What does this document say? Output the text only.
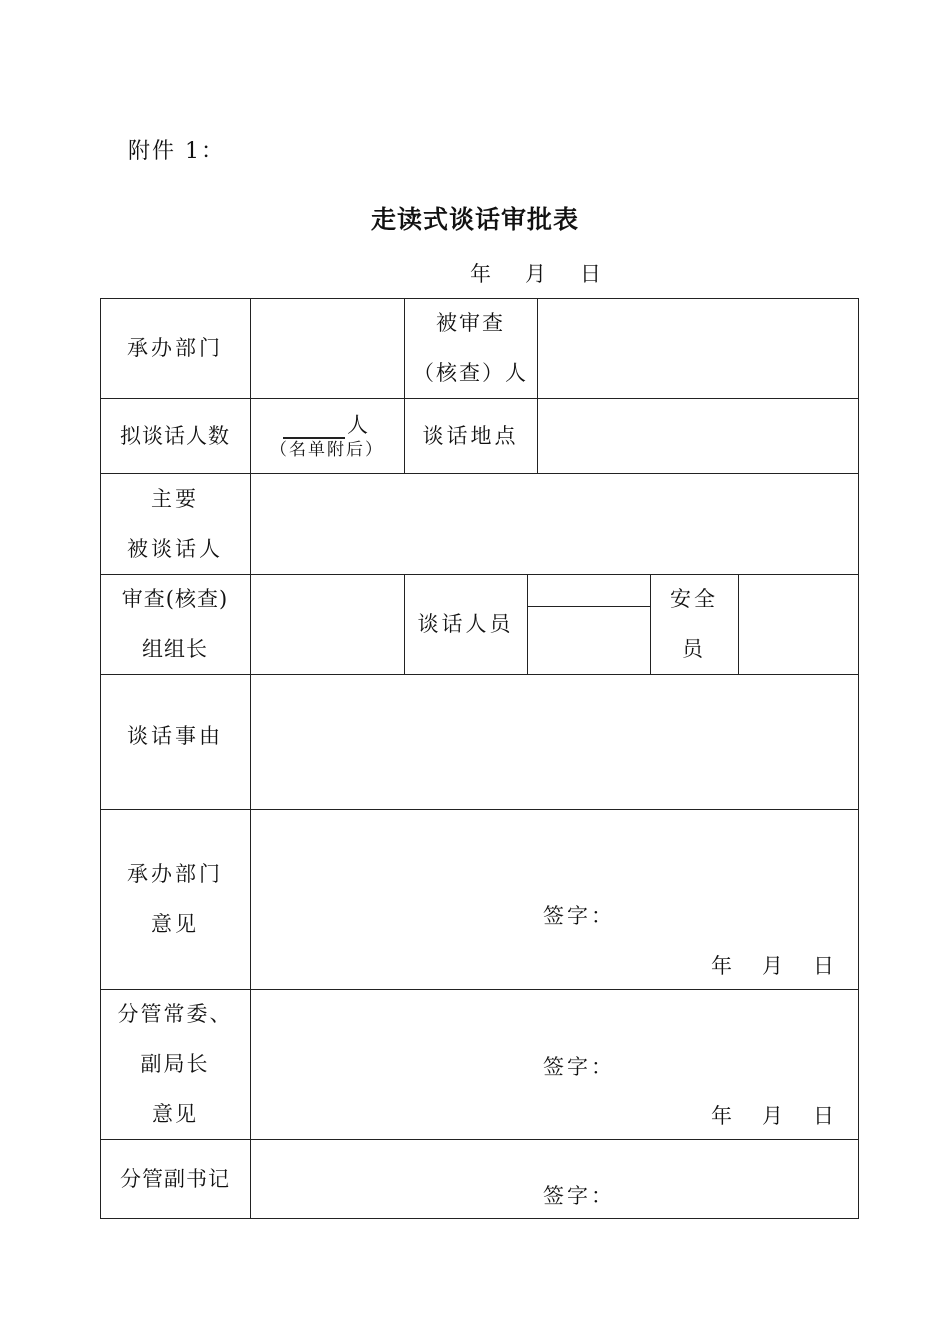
附件 1：
走读式谈话审批表
年 月 日
承办部门
被审查
（核查）人
拟谈话人数	人
（名单附后）
谈话地点
主要
被谈话人
审查(核查)
组组长
谈话人员
安全
员
谈话事由
承办部门
意见	签字：
年 月 日
分管常委、
副局长
意见
签字：
年 月 日
分管副书记
签字：
